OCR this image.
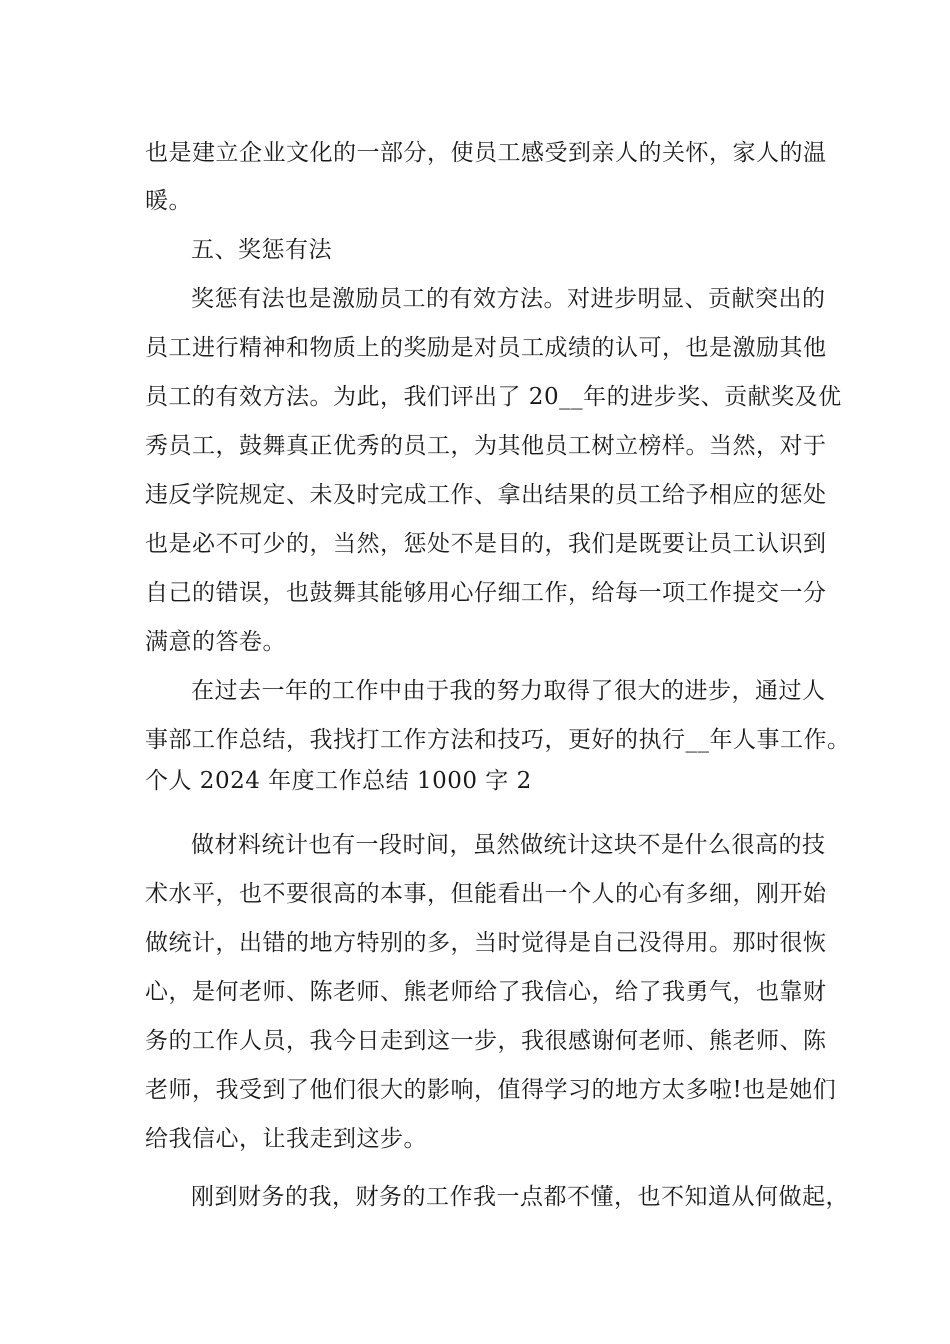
也是建立企业文化的一部分，使员工感受到亲人的关怀，家人的温
暖。
五、奖惩有法
奖惩有法也是激励员工的有效方法。对进步明显、贡献突出的
员工进行精神和物质上的奖励是对员工成绩的认可，也是激励其他
员工的有效方法。为此，我们评出了 20__年的进步奖、贡献奖及优
秀员工，鼓舞真正优秀的员工，为其他员工树立榜样。当然，对于
违反学院规定、未及时完成工作、拿出结果的员工给予相应的惩处
也是必不可少的，当然，惩处不是目的，我们是既要让员工认识到
自己的错误，也鼓舞其能够用心仔细工作，给每一项工作提交一分
满意的答卷。
在过去一年的工作中由于我的努力取得了很大的进步，通过人
事部工作总结，我找打工作方法和技巧，更好的执行__年人事工作。
个人 2024 年度工作总结 1000 字 2
做材料统计也有一段时间，虽然做统计这块不是什么很高的技
术水平，也不要很高的本事，但能看出一个人的心有多细，刚开始
做统计，出错的地方特别的多，当时觉得是自己没得用。那时很恢
心，是何老师、陈老师、熊老师给了我信心，给了我勇气，也靠财
务的工作人员，我今日走到这一步，我很感谢何老师、熊老师、陈
老师，我受到了他们很大的影响，值得学习的地方太多啦!也是她们
给我信心，让我走到这步。
刚到财务的我，财务的工作我一点都不懂，也不知道从何做起，
